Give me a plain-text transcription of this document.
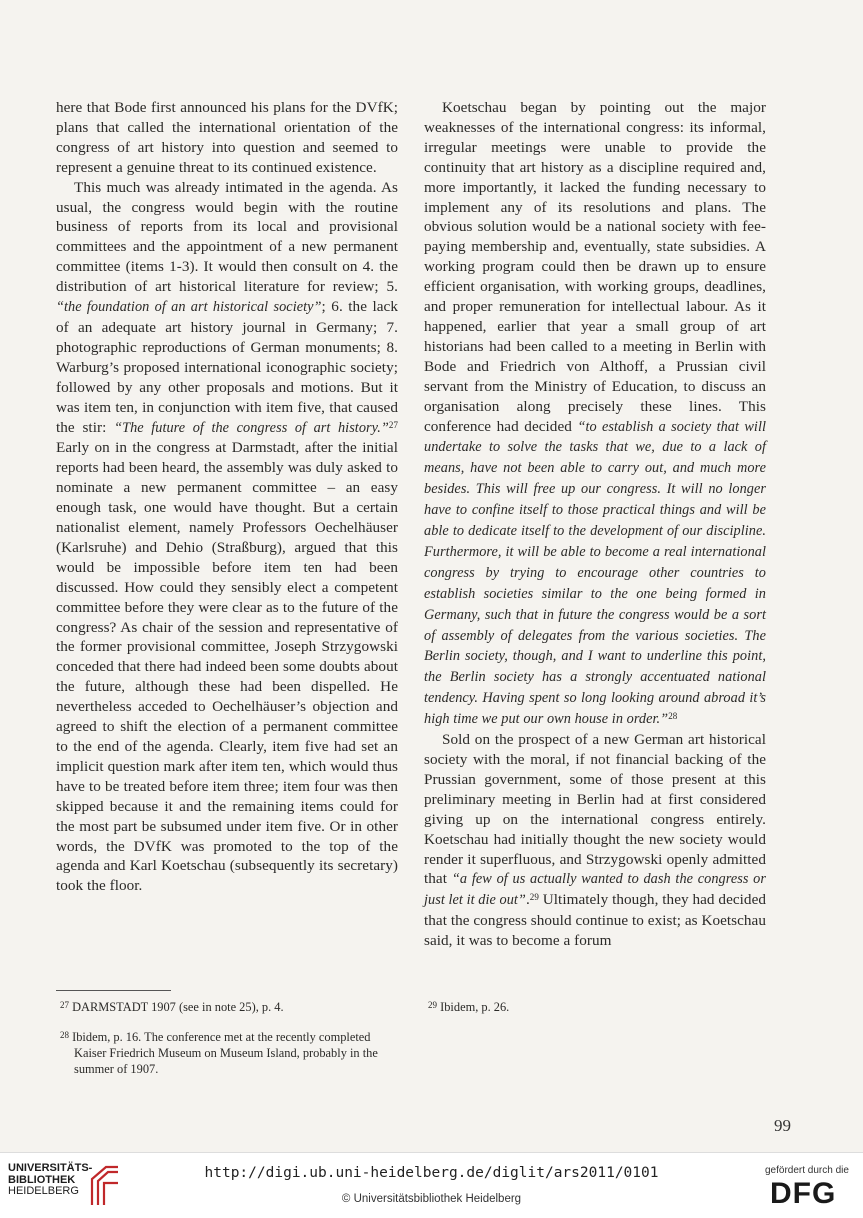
here that Bode first announced his plans for the DVfK; plans that called the international orientation of the congress of art history into question and seemed to represent a genuine threat to its continued existence.

This much was already intimated in the agenda. As usual, the congress would begin with the routine business of reports from its local and provisional committees and the appointment of a new permanent committee (items 1-3). It would then consult on 4. the distribution of art historical literature for review; 5. “the foundation of an art historical society”; 6. the lack of an adequate art history journal in Germany; 7. photographic reproductions of German monuments; 8. Warburg’s proposed international iconographic society; followed by any other proposals and motions. But it was item ten, in conjunction with item five, that caused the stir: “The future of the congress of art history.”$^{27}$ Early on in the congress at Darmstadt, after the initial reports had been heard, the assembly was duly asked to nominate a new permanent committee – an easy enough task, one would have thought. But a certain nationalist element, namely Professors Oechelhäuser (Karlsruhe) and Dehio (Straßburg), argued that this would be impossible before item ten had been discussed. How could they sensibly elect a competent committee before they were clear as to the future of the congress? As chair of the session and representative of the former provisional committee, Joseph Strzygowski conceded that there had indeed been some doubts about the future, although these had been dispelled. He nevertheless acceded to Oechelhäuser’s objection and agreed to shift the election of a permanent committee to the end of the agenda. Clearly, item five had set an implicit question mark after item ten, which would thus have to be treated before item three; item four was then skipped because it and the remaining items could for the most part be subsumed under item five. Or in other words, the DVfK was promoted to the top of the agenda and Karl Koetschau (subsequently its secretary) took the floor.

Koetschau began by pointing out the major weaknesses of the international congress: its informal, irregular meetings were unable to provide the continuity that art history as a discipline required and, more importantly, it lacked the funding necessary to implement any of its resolutions and plans. The obvious solution would be a national society with fee-paying membership and, eventually, state subsidies. A working program could then be drawn up to ensure efficient organisation, with working groups, deadlines, and proper remuneration for intellectual labour. As it happened, earlier that year a small group of art historians had been called to a meeting in Berlin with Bode and Friedrich von Althoff, a Prussian civil servant from the Ministry of Education, to discuss an organisation along precisely these lines. This conference had decided “to establish a society that will undertake to solve the tasks that we, due to a lack of means, have not been able to carry out, and much more besides. This will free up our congress. It will no longer have to confine itself to those practical things and will be able to dedicate itself to the development of our discipline. Furthermore, it will be able to become a real international congress by trying to encourage other countries to establish societies similar to the one being formed in Germany, such that in future the congress would be a sort of assembly of delegates from the various societies. The Berlin society, though, and I want to underline this point, the Berlin society has a strongly accentuated national tendency. Having spent so long looking around abroad it’s high time we put our own house in order.”$^{28}$

Sold on the prospect of a new German art historical society with the moral, if not financial backing of the Prussian government, some of those present at this preliminary meeting in Berlin had at first considered giving up on the international congress entirely. Koetschau had initially thought the new society would render it superfluous, and Strzygowski openly admitted that “a few of us actually wanted to dash the congress or just let it die out”.$^{29}$ Ultimately though, they had decided that the congress should continue to exist; as Koetschau said, it was to become a forum

$^{27}$ DARMSTADT 1907 (see in note 25), p. 4.

$^{28}$ Ibidem, p. 16. The conference met at the recently completed Kaiser Friedrich Museum on Museum Island, probably in the summer of 1907.

$^{29}$ Ibidem, p. 26.

99
UNIVERSITÄTS-
BIBLIOTHEK
HEIDELBERG
http://digi.ub.uni-heidelberg.de/diglit/ars2011/0101
© Universitätsbibliothek Heidelberg
gefördert durch die
DFG
